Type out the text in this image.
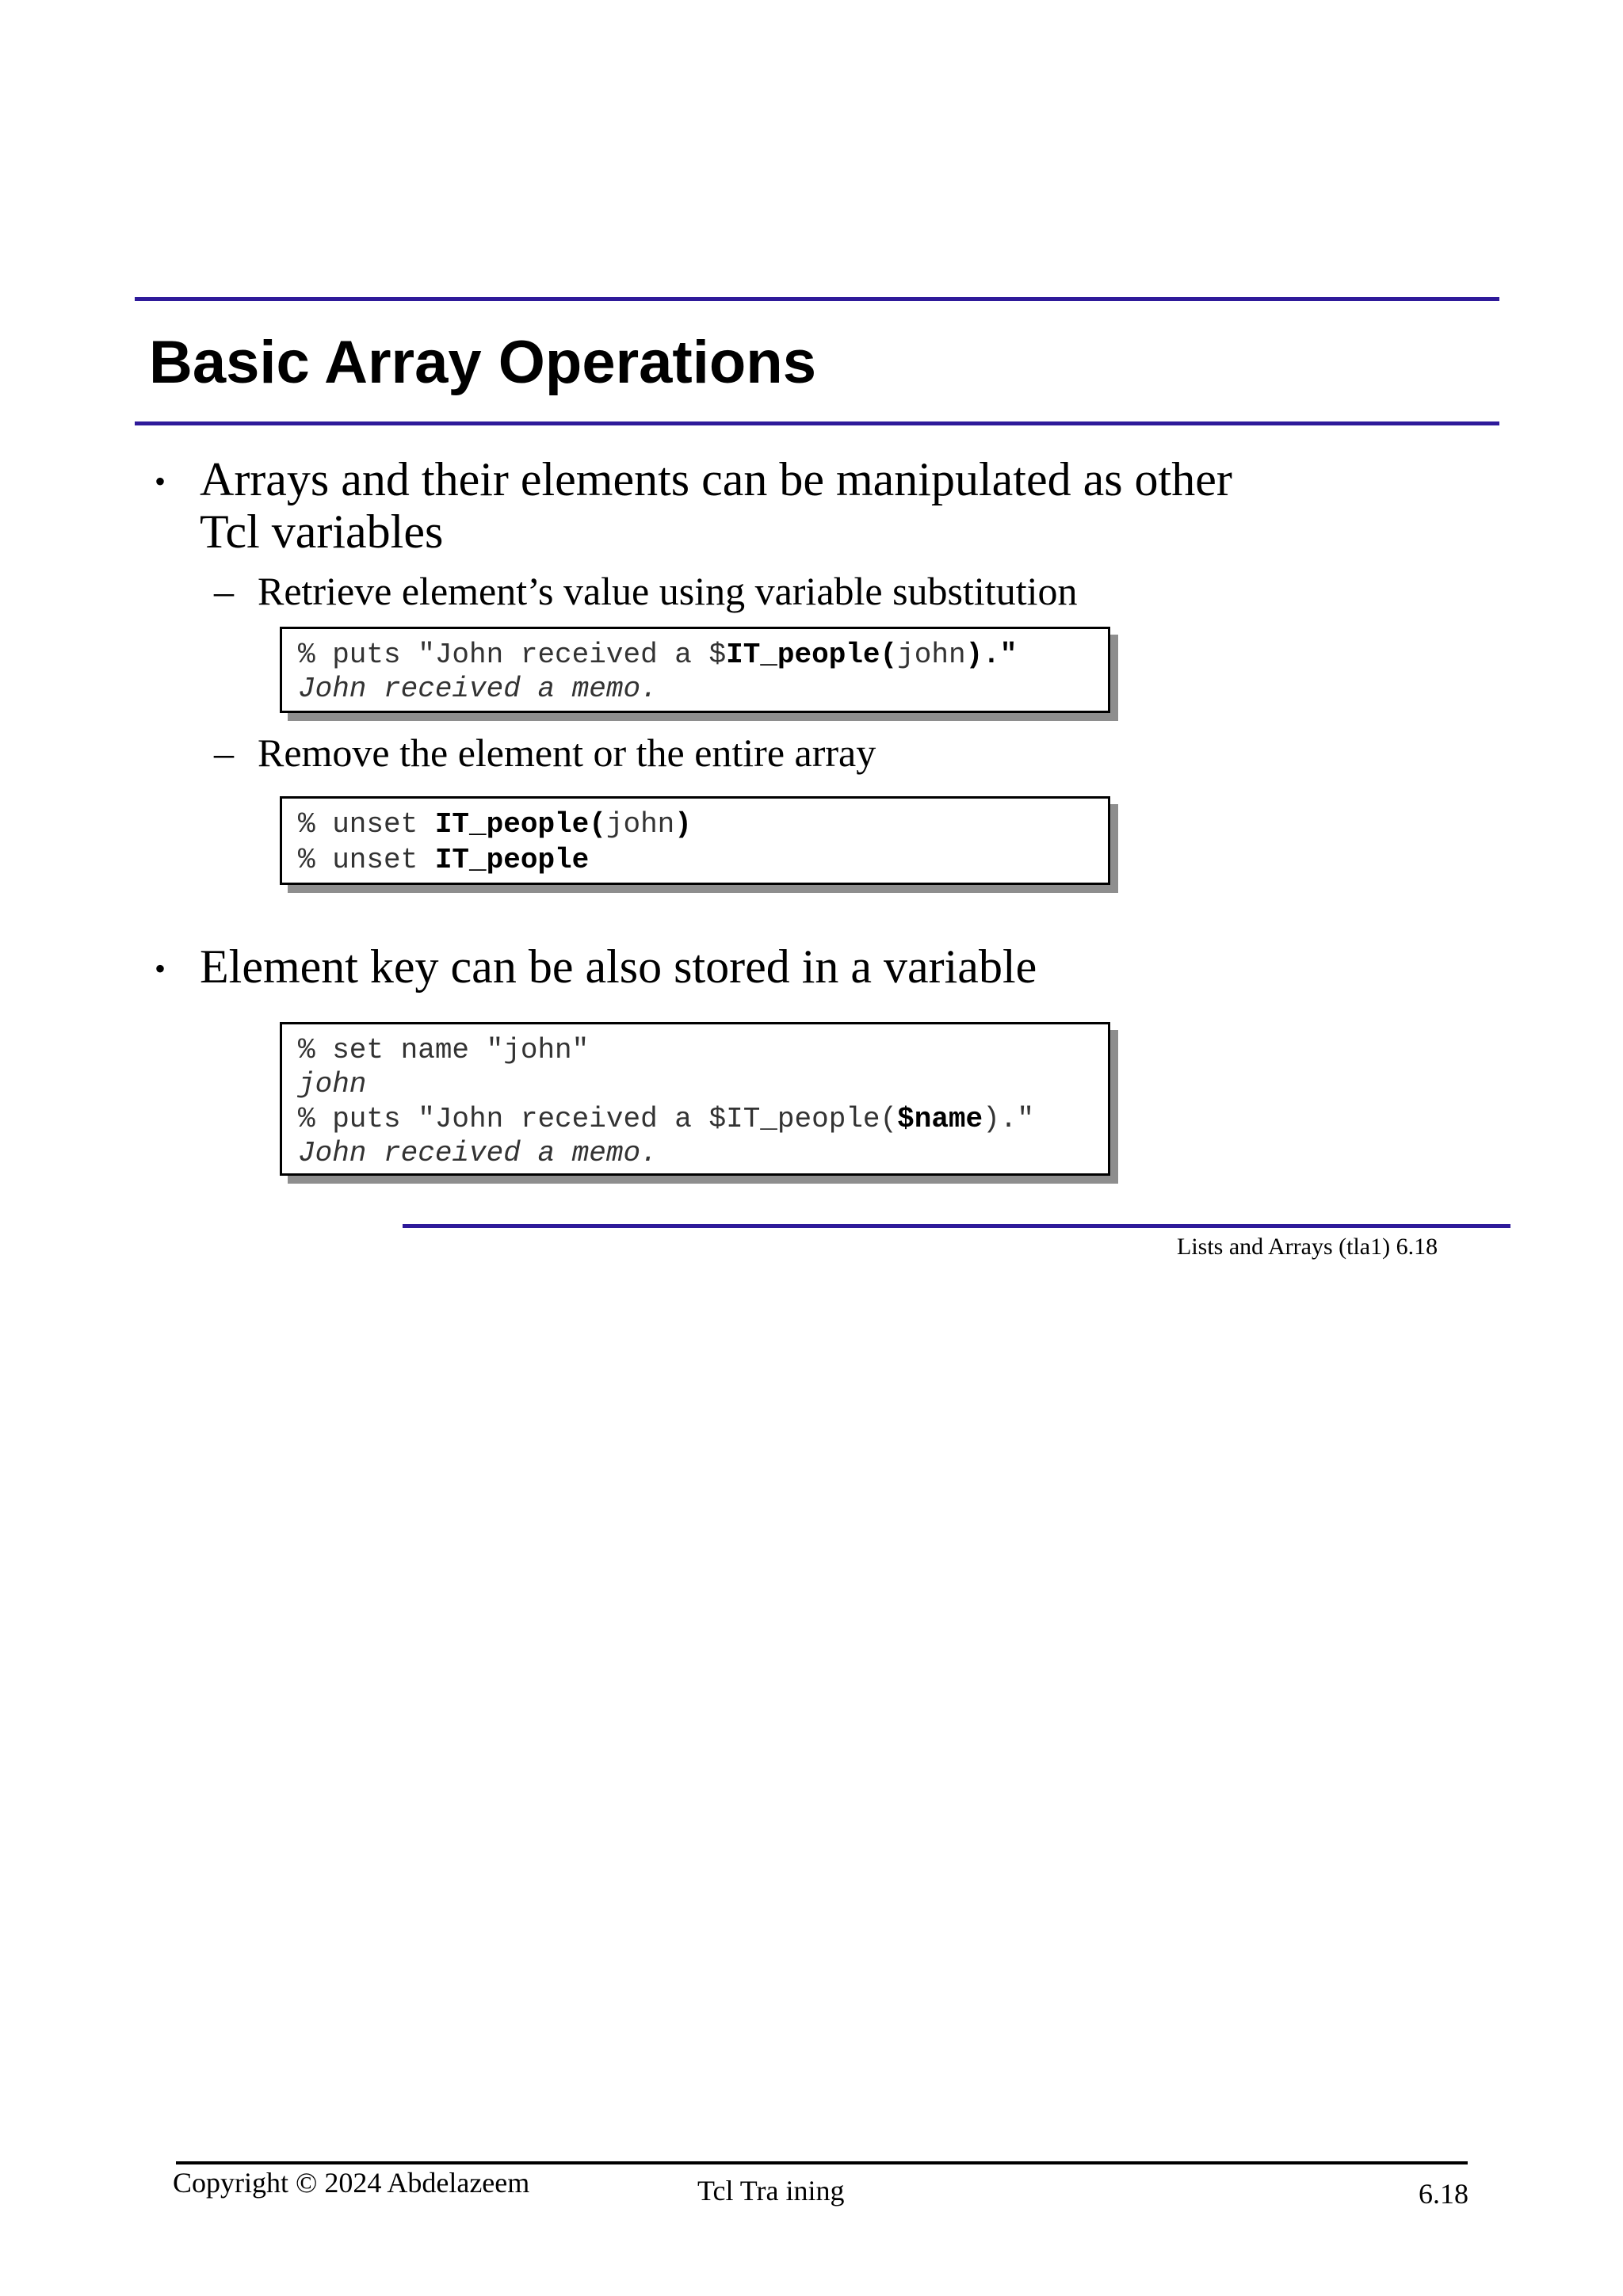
Basic Array Operations
• Arrays and their elements can be manipulated as other
Tcl variables
– Retrieve element’s value using variable substitution
% puts "John received a $IT_people(john)."
John received a memo.
– Remove the element or the entire array
% unset IT_people(john)
% unset IT_people
• Element key can be also stored in a variable
% set name "john"
john
% puts "John received a $IT_people($name)."
John received a memo.
Lists and Arrays (tla1) 6.18
Copyright © 2024 Abdelazeem	Tcl Tra ining	6.18
